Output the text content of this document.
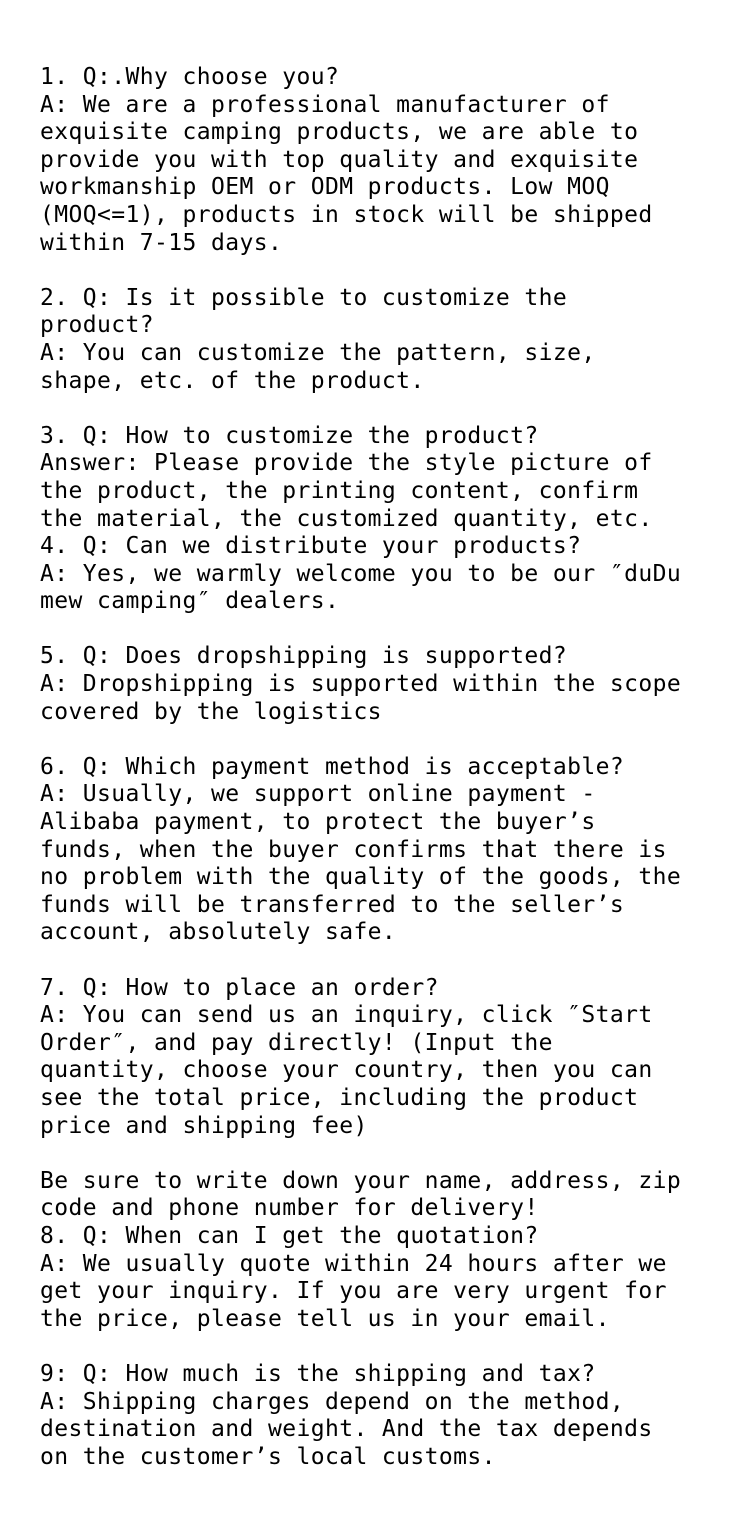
1. Q:.Why choose you?
A: We are a professional manufacturer of
exquisite camping products, we are able to
provide you with top quality and exquisite
workmanship OEM or ODM products. Low MOQ
(MOQ<=1), products in stock will be shipped
within 7-15 days.
2. Q: Is it possible to customize the
product?
A: You can customize the pattern, size,
shape, etc. of the product.
3. Q: How to customize the product?
Answer: Please provide the style picture of
the product, the printing content, confirm
the material, the customized quantity, etc.
4. Q: Can we distribute your products?
A: Yes, we warmly welcome you to be our ″duDu
mew camping″ dealers.
5. Q: Does dropshipping is supported?
A: Dropshipping is supported within the scope
covered by the logistics
6. Q: Which payment method is acceptable?
A: Usually, we support online payment -
Alibaba payment, to protect the buyer’s
funds, when the buyer confirms that there is
no problem with the quality of the goods, the
funds will be transferred to the seller’s
account, absolutely safe.
7. Q: How to place an order?
A: You can send us an inquiry, click ″Start
Order″, and pay directly! (Input the
quantity, choose your country, then you can
see the total price, including the product
price and shipping fee)
Be sure to write down your name, address, zip
code and phone number for delivery!
8. Q: When can I get the quotation?
A: We usually quote within 24 hours after we
get your inquiry. If you are very urgent for
the price, please tell us in your email.
9: Q: How much is the shipping and tax?
A: Shipping charges depend on the method,
destination and weight. And the tax depends
on the customer’s local customs.
